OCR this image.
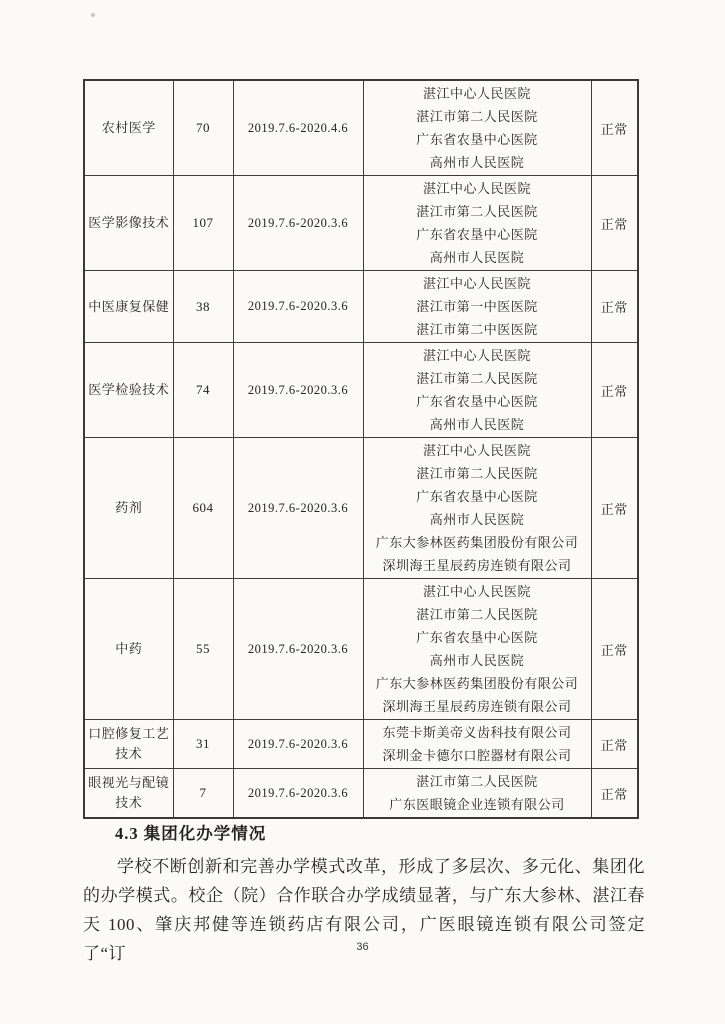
农村医学	70	2019.7.6-2020.4.6	湛江中心人民医院
湛江市第二人民医院
广东省农垦中心医院
高州市人民医院	正常
医学影像技术	107	2019.7.6-2020.3.6	湛江中心人民医院
湛江市第二人民医院
广东省农垦中心医院
高州市人民医院	正常
中医康复保健	38	2019.7.6-2020.3.6	湛江中心人民医院
湛江市第一中医医院
湛江市第二中医医院	正常
医学检验技术	74	2019.7.6-2020.3.6	湛江中心人民医院
湛江市第二人民医院
广东省农垦中心医院
高州市人民医院	正常
药剂	604	2019.7.6-2020.3.6	
湛江中心人民医院
湛江市第二人民医院
广东省农垦中心医院
高州市人民医院
广东大参林医药集团股份有限公司
深圳海王星辰药房连锁有限公司
	正常
中药	55	2019.7.6-2020.3.6	
湛江中心人民医院
湛江市第二人民医院
广东省农垦中心医院
高州市人民医院
广东大参林医药集团股份有限公司
深圳海王星辰药房连锁有限公司
	正常
口腔修复工艺技术	31	2019.7.6-2020.3.6	东莞卡斯美帝义齿科技有限公司
深圳金卡德尔口腔器材有限公司	正常
眼视光与配镜技术	7	2019.7.6-2020.3.6	湛江市第二人民医院
广东医眼镜企业连锁有限公司	正常
4.3 集团化办学情况

学校不断创新和完善办学模式改革，形成了多层次、多元化、集团化的办学模式。校企（院）合作联合办学成绩显著，与广东大参林、湛江春天 100、肇庆邦健等连锁药店有限公司，广医眼镜连锁有限公司签定了“订	36
